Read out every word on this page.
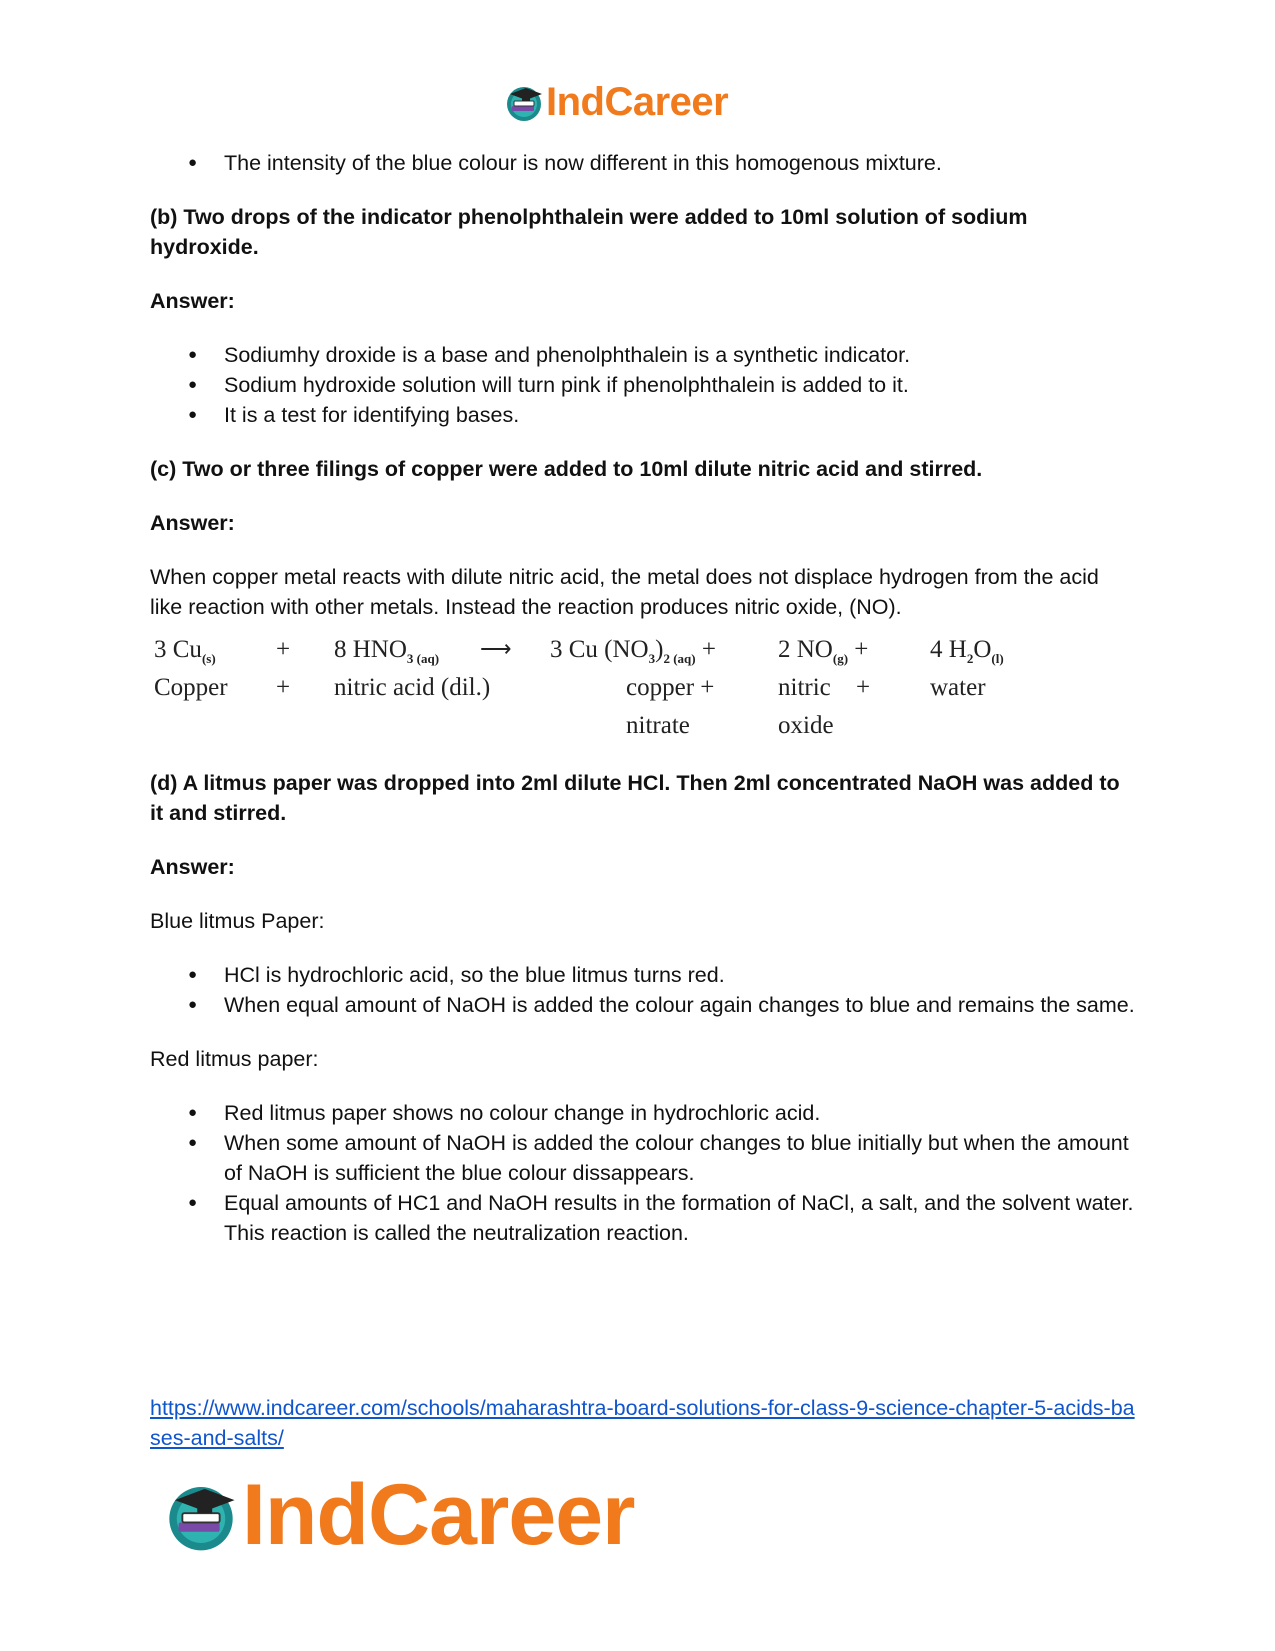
IndCareer
● The intensity of the blue colour is now different in this homogenous mixture.

(b) Two drops of the indicator phenolphthalein were added to 10ml solution of sodium hydroxide.

Answer:

● Sodiumhy droxide is a base and phenolphthalein is a synthetic indicator.
● Sodium hydroxide solution will turn pink if phenolphthalein is added to it.
● It is a test for identifying bases.

(c) Two or three filings of copper were added to 10ml dilute nitric acid and stirred.

Answer:

When copper metal reacts with dilute nitric acid, the metal does not displace hydrogen from the acid like reaction with other metals. Instead the reaction produces nitric oxide, (NO).

3 $Cu_{(s)} + 8$ $HNO_{3 (aq)}$ ⟶ 3 Cu $(NO_3)_{2 (aq)} + 2$ $NO_{(g)} + 4$ $H_2O_{(l)}$
Copper + nitric acid (dil.)	copper +
nitrate
nitric +
oxide
water

(d) A litmus paper was dropped into 2ml dilute HCl. Then 2ml concentrated NaOH was added to it and stirred.

Answer:

Blue litmus Paper:

● HCl is hydrochloric acid, so the blue litmus turns red.
● When equal amount of NaOH is added the colour again changes to blue and remains the same.

Red litmus paper:

● Red litmus paper shows no colour change in hydrochloric acid.
● When some amount of NaOH is added the colour changes to blue initially but when the amount of NaOH is sufficient the blue colour dissappears.
● Equal amounts of HC1 and NaOH results in the formation of NaCl, a salt, and the solvent water. This reaction is called the neutralization reaction.
https://www.indcareer.com/schools/maharashtra-board-solutions-for-class-9-science-chapter-5-acids-bases-and-salts/
IndCareer
